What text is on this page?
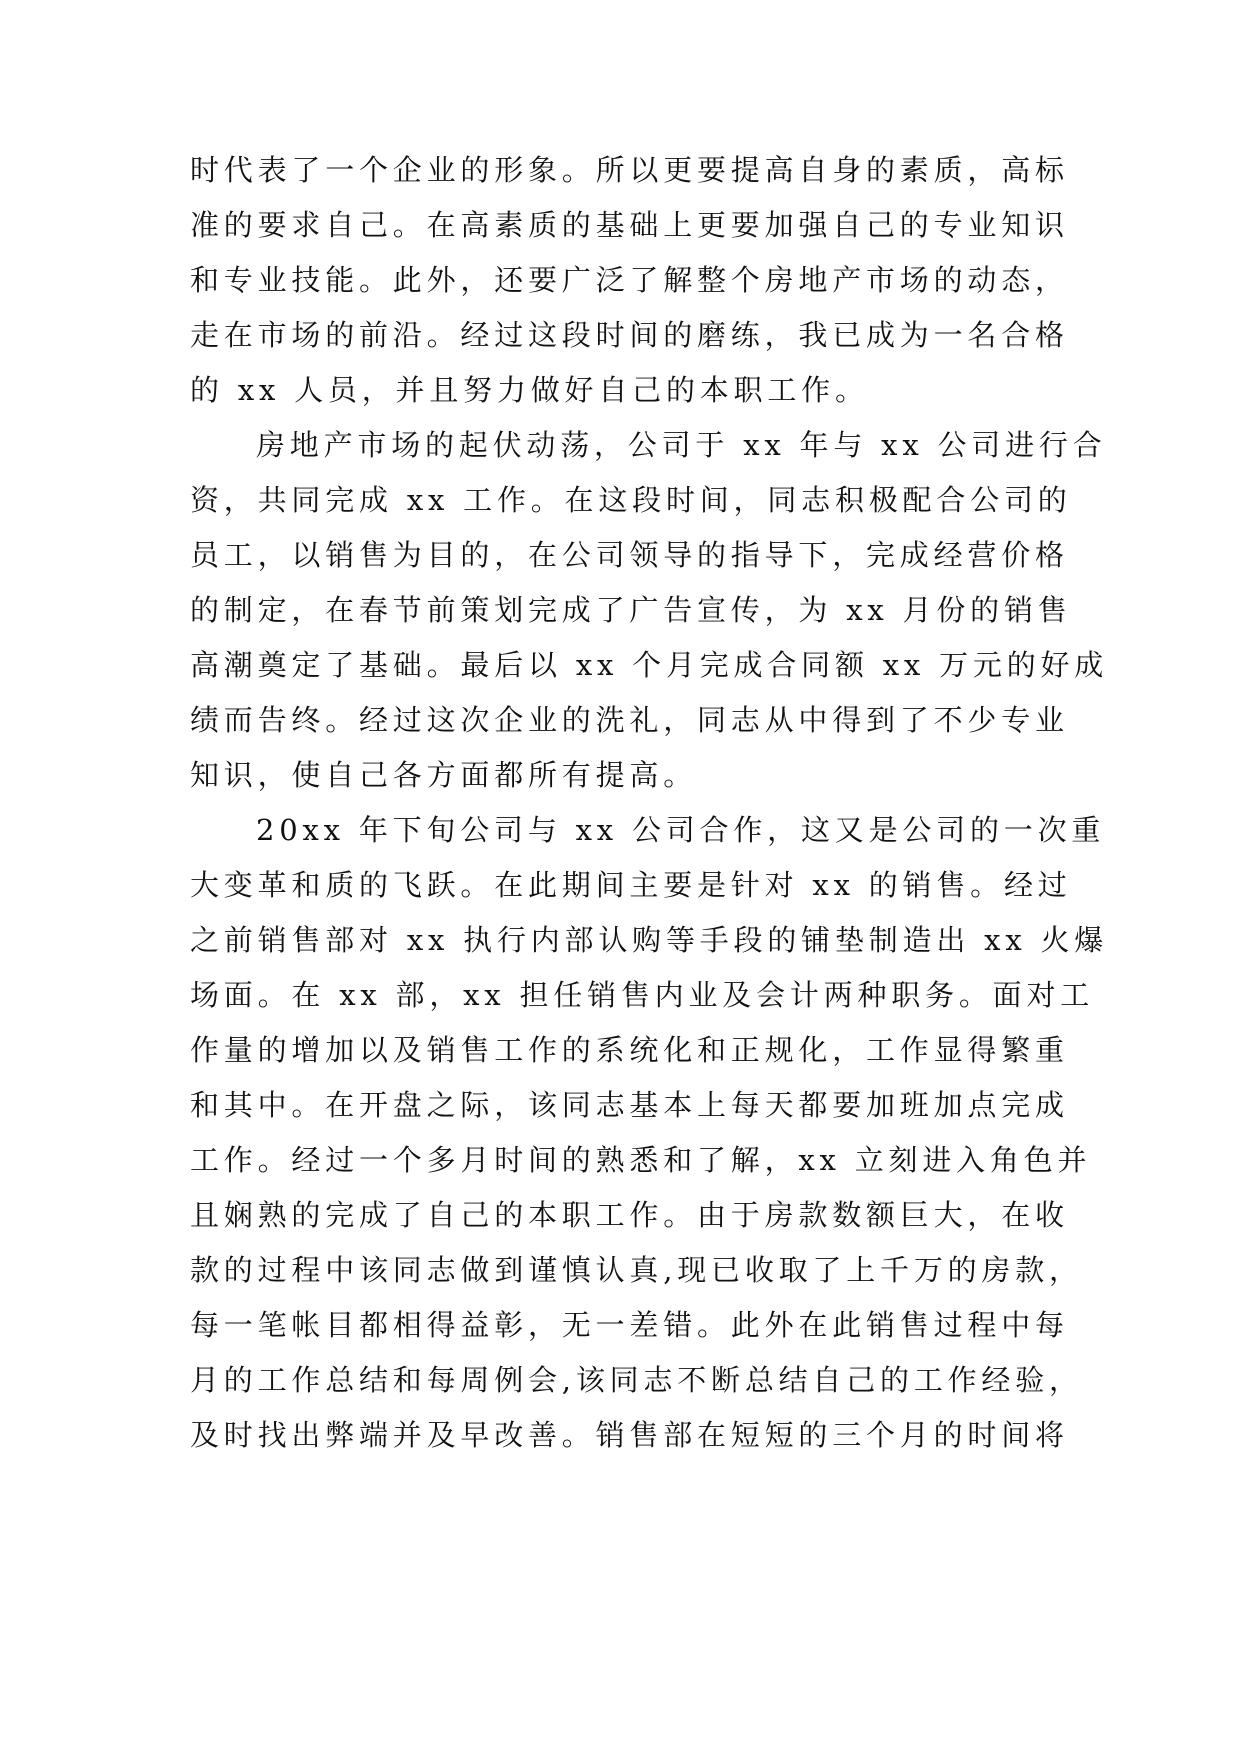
时代表了一个企业的形象。所以更要提高自身的素质，高标
准的要求自己。在高素质的基础上更要加强自己的专业知识
和专业技能。此外，还要广泛了解整个房地产市场的动态，
走在市场的前沿。经过这段时间的磨练，我已成为一名合格
的 xx 人员，并且努力做好自己的本职工作。
房地产市场的起伏动荡，公司于 xx 年与 xx 公司进行合
资，共同完成 xx 工作。在这段时间，同志积极配合公司的
员工，以销售为目的，在公司领导的指导下，完成经营价格
的制定，在春节前策划完成了广告宣传，为 xx 月份的销售
高潮奠定了基础。最后以 xx 个月完成合同额 xx 万元的好成
绩而告终。经过这次企业的洗礼，同志从中得到了不少专业
知识，使自己各方面都所有提高。
20xx 年下旬公司与 xx 公司合作，这又是公司的一次重
大变革和质的飞跃。在此期间主要是针对 xx 的销售。经过
之前销售部对 xx 执行内部认购等手段的铺垫制造出 xx 火爆
场面。在 xx 部，xx 担任销售内业及会计两种职务。面对工
作量的增加以及销售工作的系统化和正规化，工作显得繁重
和其中。在开盘之际，该同志基本上每天都要加班加点完成
工作。经过一个多月时间的熟悉和了解，xx 立刻进入角色并
且娴熟的完成了自己的本职工作。由于房款数额巨大，在收
款的过程中该同志做到谨慎认真,现已收取了上千万的房款，
每一笔帐目都相得益彰，无一差错。此外在此销售过程中每
月的工作总结和每周例会,该同志不断总结自己的工作经验，
及时找出弊端并及早改善。销售部在短短的三个月的时间将
